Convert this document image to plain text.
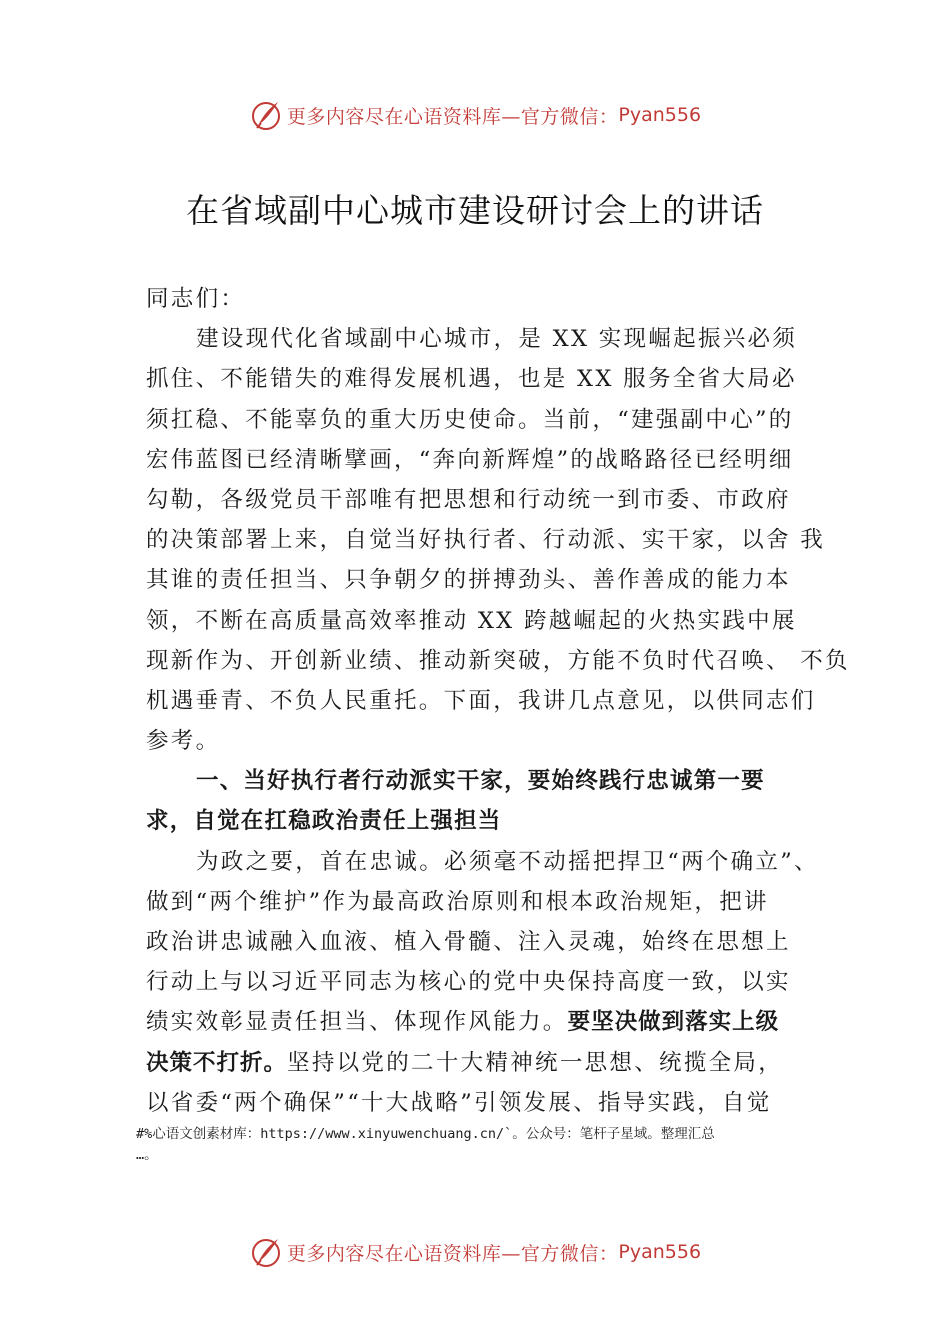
更多内容尽在心语资料库—官方微信： Pyan556
在省域副中心城市建设研讨会上的讲话
同志们：
建设现代化省域副中心城市，是 XX 实现崛起振兴必须
抓住、不能错失的难得发展机遇，也是 XX 服务全省大局必
须扛稳、不能辜负的重大历史使命。当前，“建强副中心”的
宏伟蓝图已经清晰擘画，“奔向新辉煌”的战略路径已经明细
勾勒，各级党员干部唯有把思想和行动统一到市委、市政府
的决策部署上来，自觉当好执行者、行动派、实干家，以舍 我
其谁的责任担当、只争朝夕的拼搏劲头、善作善成的能力本
领，不断在高质量高效率推动 XX 跨越崛起的火热实践中展
现新作为、开创新业绩、推动新突破，方能不负时代召唤、 不负
机遇垂青、不负人民重托。下面，我讲几点意见，以供同志们
参考。
一、当好执行者行动派实干家，要始终践行忠诚第一要
求，自觉在扛稳政治责任上强担当
为政之要，首在忠诚。必须毫不动摇把捍卫“两个确立”、
做到“两个维护”作为最高政治原则和根本政治规矩，把讲
政治讲忠诚融入血液、植入骨髓、注入灵魂，始终在思想上
行动上与以习近平同志为核心的党中央保持高度一致，以实
绩实效彰显责任担当、体现作风能力。要坚决做到落实上级
决策不打折。坚持以党的二十大精神统一思想、统揽全局，
以省委“两个确保”“十大战略”引领发展、指导实践，自觉
#%心语文创素材库：https://www.xinyuwenchuang.cn/`。公众号：笔杆子星域。整理汇总
…。
更多内容尽在心语资料库—官方微信： Pyan556
